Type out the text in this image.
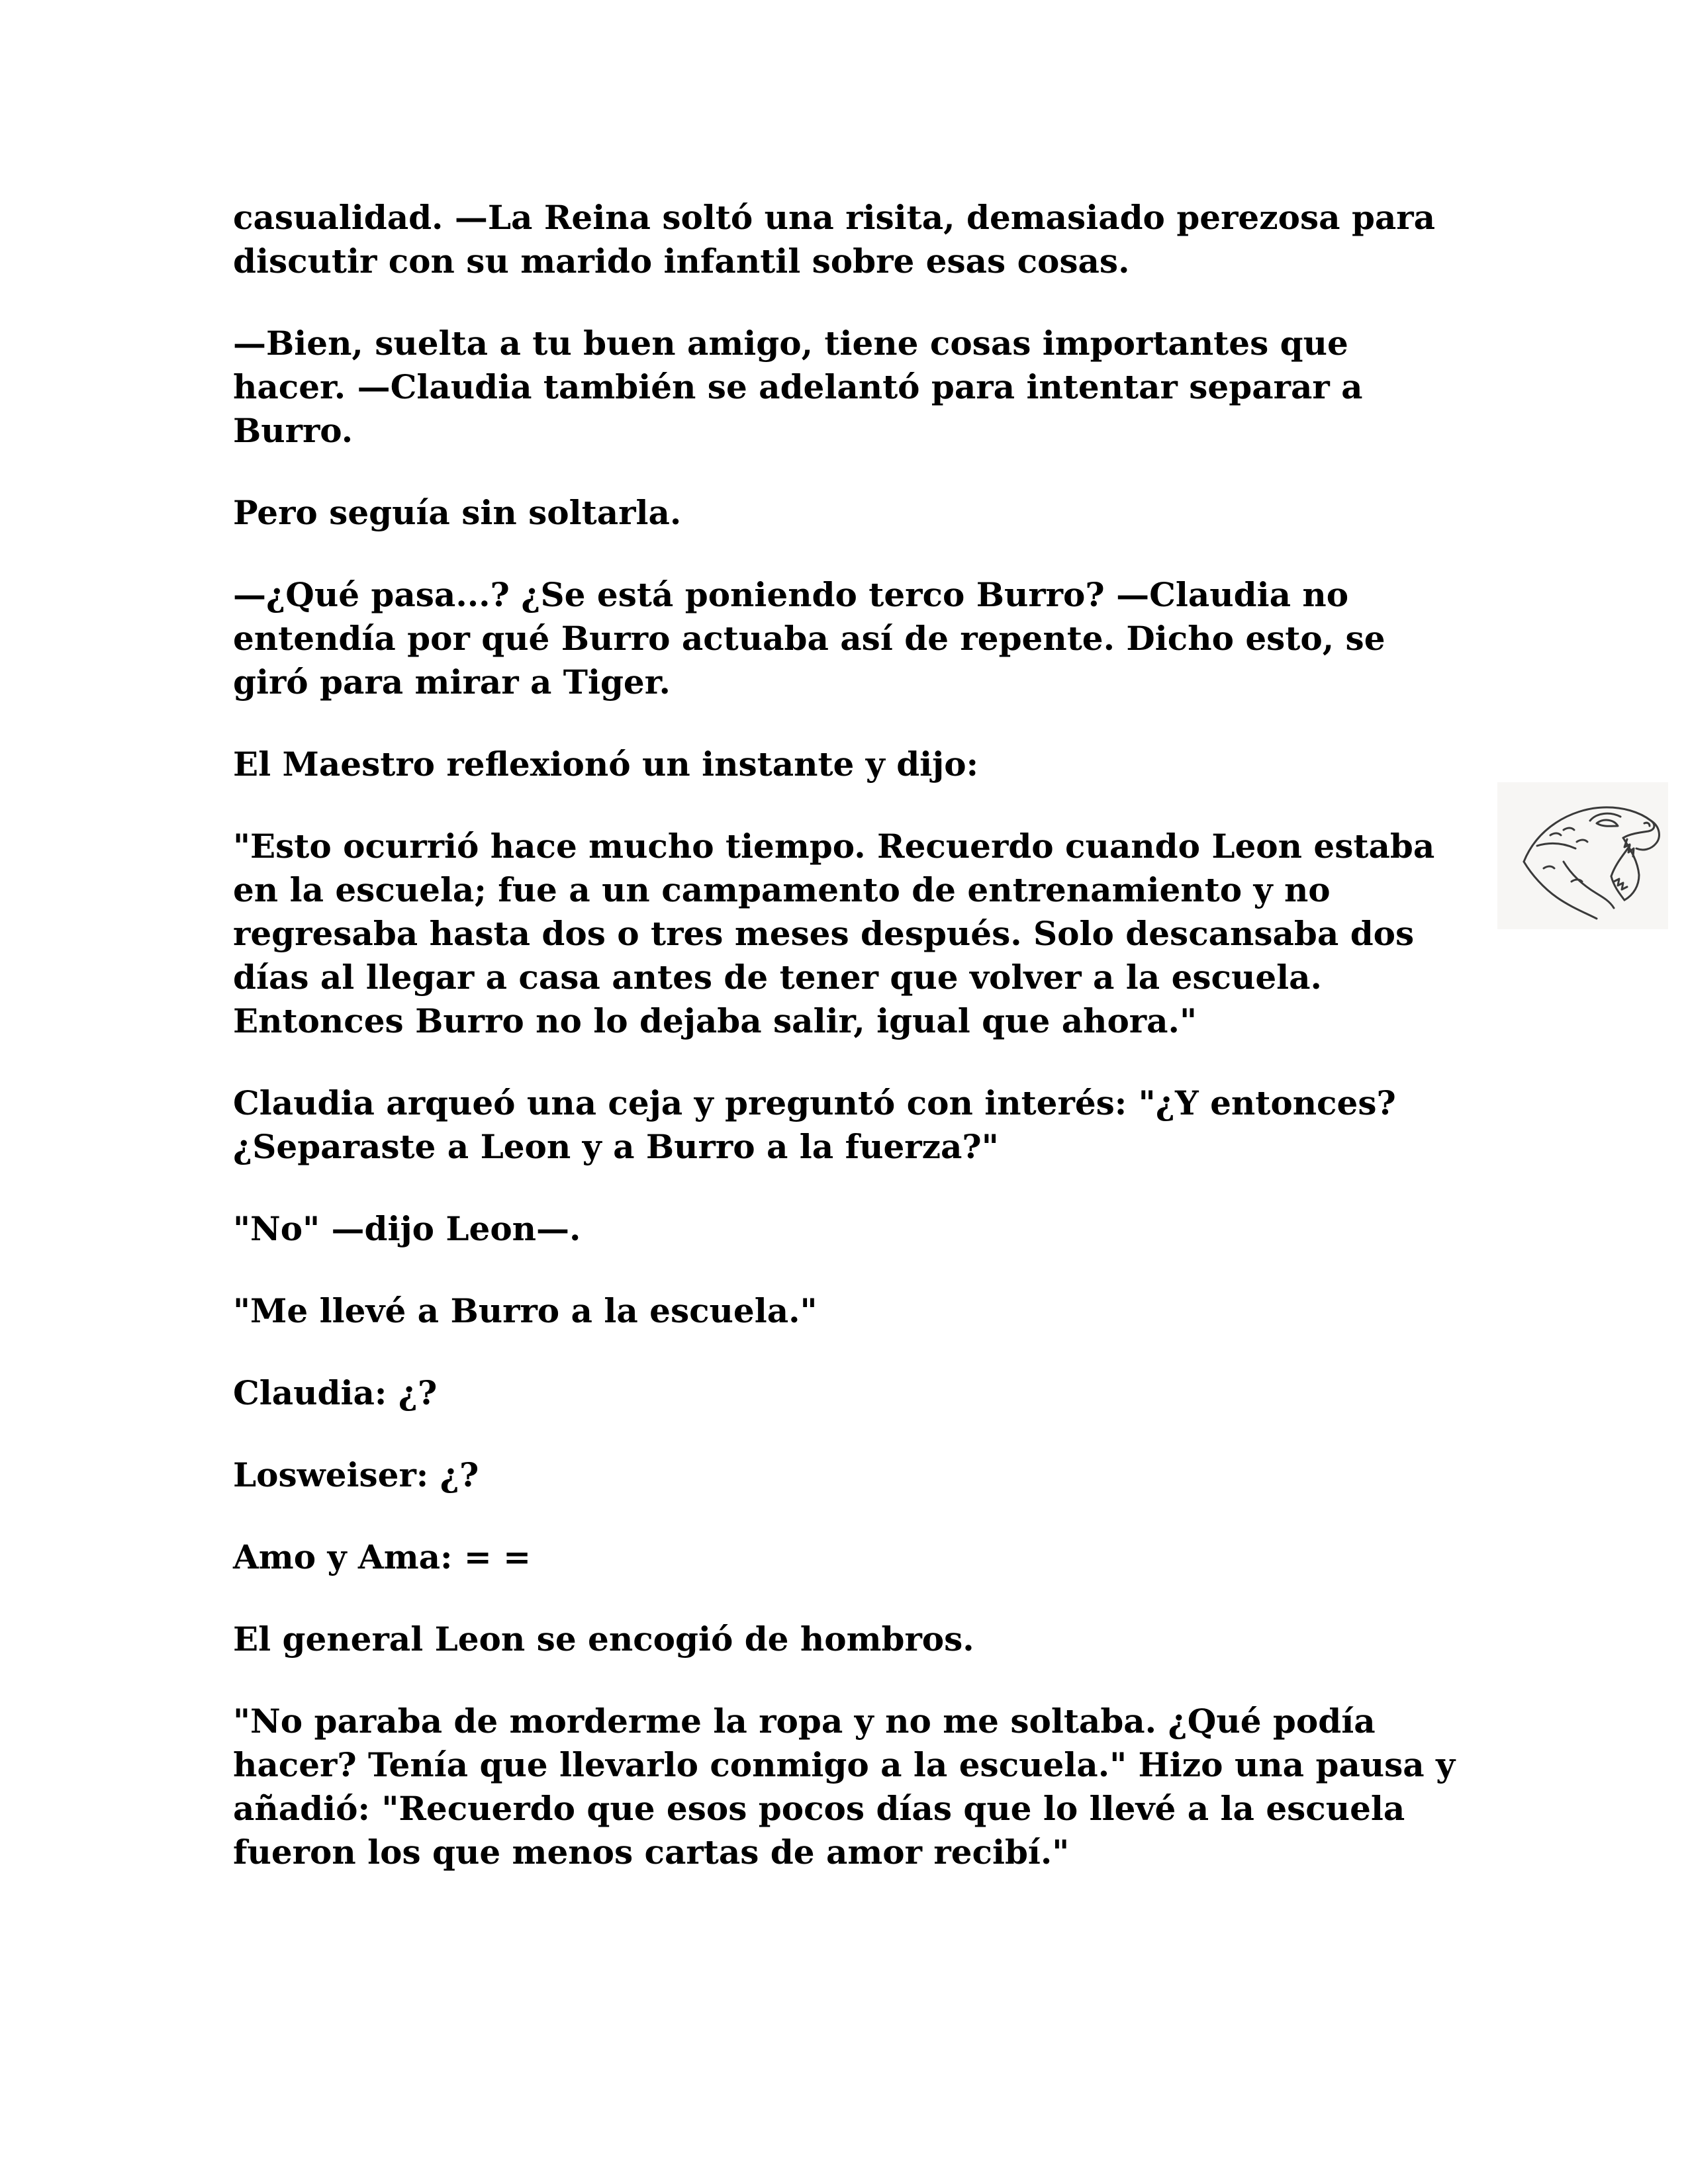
casualidad. —La Reina soltó una risita, demasiado perezosa para discutir con su marido infantil sobre esas cosas.

—Bien, suelta a tu buen amigo, tiene cosas importantes que hacer. —Claudia también se adelantó para intentar separar a Burro.

Pero seguía sin soltarla.

—¿Qué pasa...? ¿Se está poniendo terco Burro? —Claudia no entendía por qué Burro actuaba así de repente. Dicho esto, se giró para mirar a Tiger.

El Maestro reflexionó un instante y dijo:

"Esto ocurrió hace mucho tiempo. Recuerdo cuando Leon estaba en la escuela; fue a un campamento de entrenamiento y no regresaba hasta dos o tres meses después. Solo descansaba dos días al llegar a casa antes de tener que volver a la escuela. Entonces Burro no lo dejaba salir, igual que ahora."

Claudia arqueó una ceja y preguntó con interés: "¿Y entonces? ¿Separaste a Leon y a Burro a la fuerza?"

"No" —dijo Leon—.

"Me llevé a Burro a la escuela."

Claudia: ¿?

Losweiser: ¿?

Amo y Ama: = =

El general Leon se encogió de hombros.

"No paraba de morderme la ropa y no me soltaba. ¿Qué podía hacer? Tenía que llevarlo conmigo a la escuela." Hizo una pausa y añadió: "Recuerdo que esos pocos días que lo llevé a la escuela fueron los que menos cartas de amor recibí."
